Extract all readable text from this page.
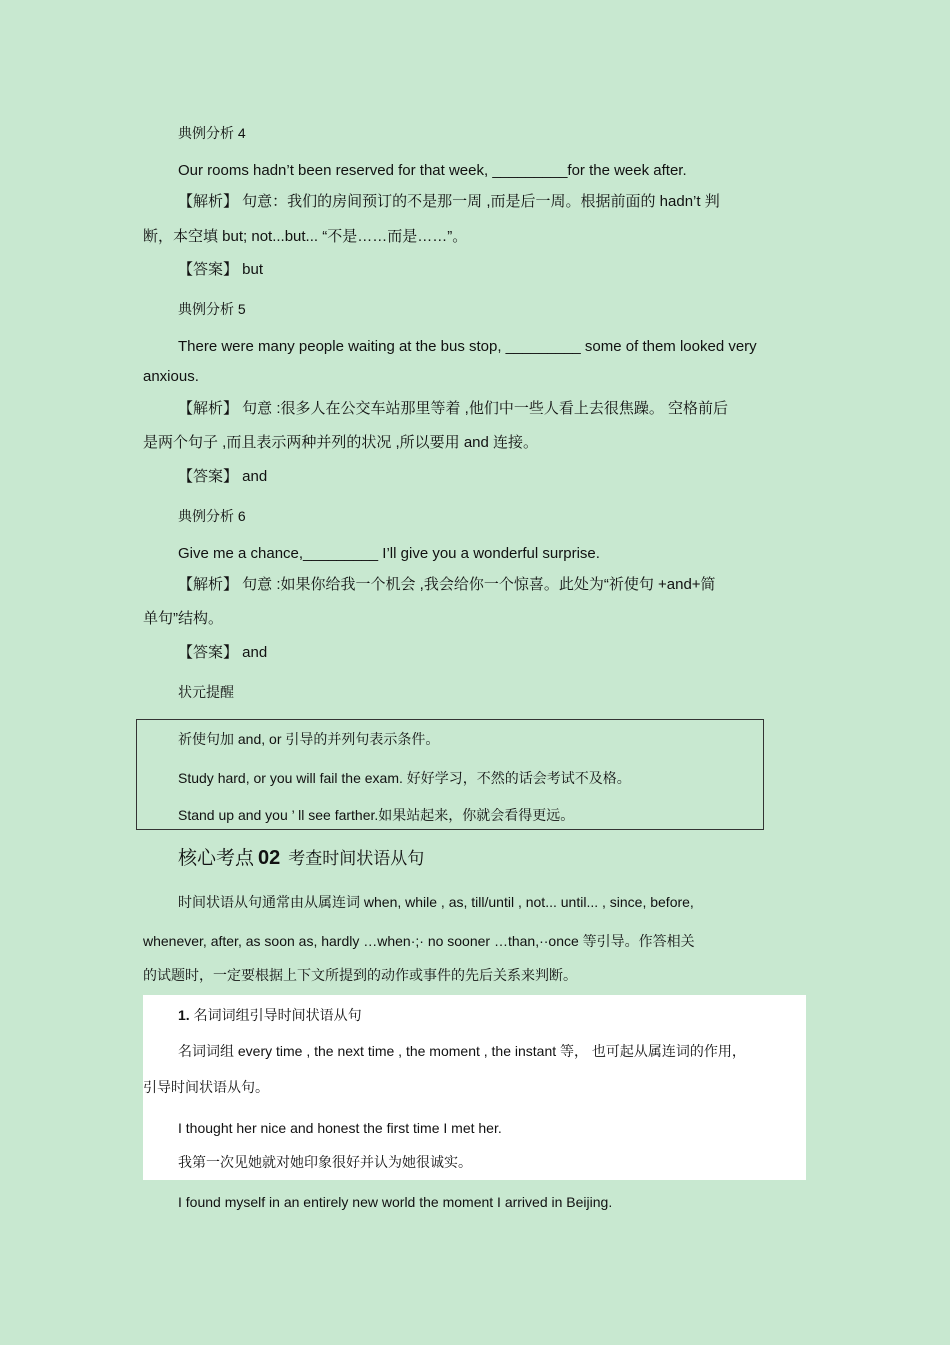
典例分析 4
Our rooms hadn’t been reserved for that week, _________for the week after.
【解析】 句意：我们的房间预订的不是那一周 ,而是后一周。根据前面的 hadn’t 判
断，本空填 but; not...but... “不是……而是……”。
【答案】 but
典例分析 5
There were many people waiting at the bus stop, _________ some of them looked very
anxious.
【解析】 句意 :很多人在公交车站那里等着 ,他们中一些人看上去很焦躁。 空格前后
是两个句子 ,而且表示两种并列的状况 ,所以要用 and 连接。
【答案】 and
典例分析 6
Give me a chance,_________ I’ll give you a wonderful surprise.
【解析】 句意 :如果你给我一个机会 ,我会给你一个惊喜。此处为“祈使句 +and+简
单句”结构。
【答案】 and
状元提醒
祈使句加 and, or 引导的并列句表示条件。
Study hard, or you will fail the exam. 好好学习，不然的话会考试不及格。
Stand up and you ’ ll see farther.如果站起来，你就会看得更远。
核心考点 02 考查时间状语从句
时间状语从句通常由从属连词 when, while , as, till/until , not... until... , since, before,
whenever, after, as soon as, hardly …when·;· no sooner …than,··once 等引导。作答相关
的试题时，一定要根据上下文所提到的动作或事件的先后关系来判断。
1. 名词词组引导时间状语从句
名词词组 every time , the next time , the moment , the instant 等， 也可起从属连词的作用，
引导时间状语从句。
I thought her nice and honest the first time I met her.
我第一次见她就对她印象很好并认为她很诚实。
I found myself in an entirely new world the moment I arrived in Beijing.
